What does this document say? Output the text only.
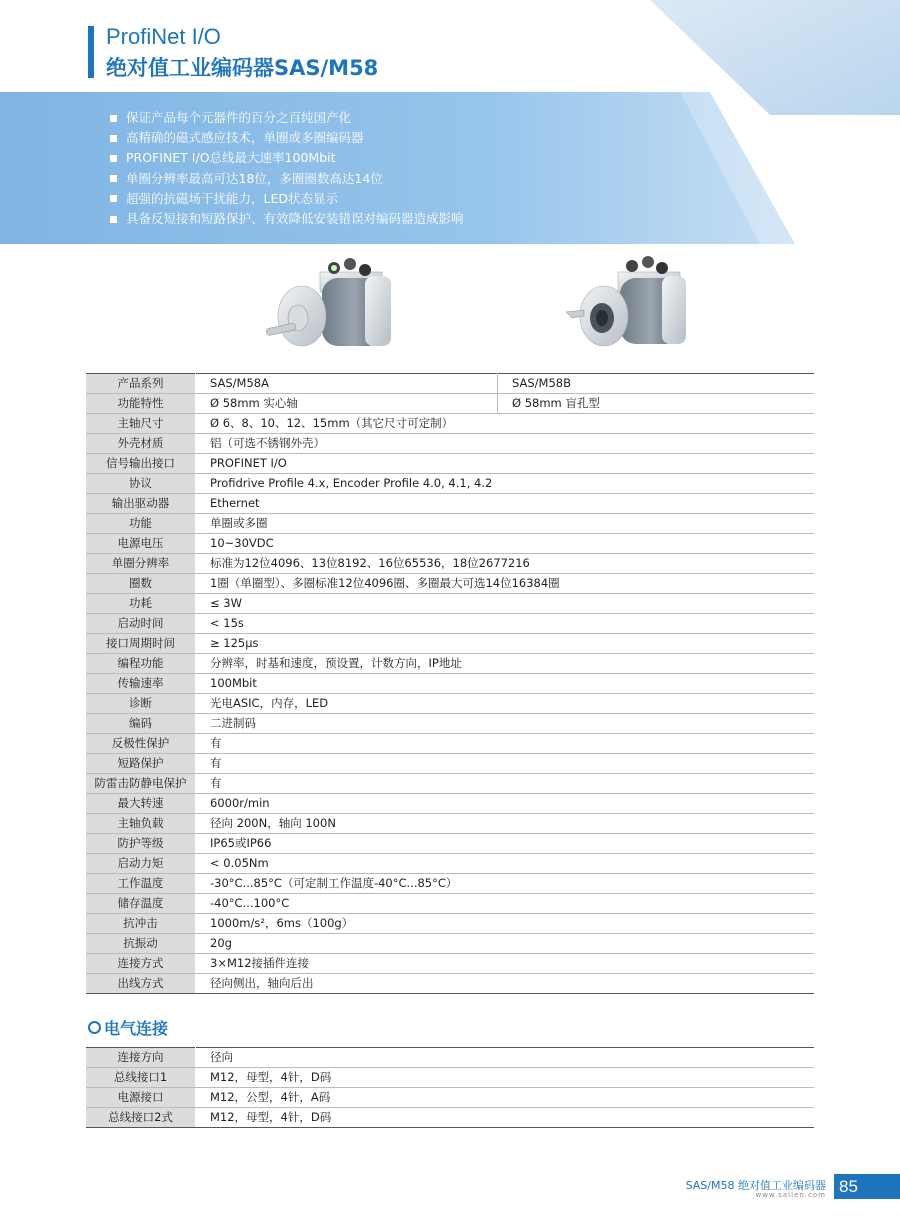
ProfiNet I/O
绝对值工业编码器SAS/M58
保证产品每个元器件的百分之百纯国产化
高精确的磁式感应技术，单圈或多圈编码器
PROFINET I/O总线最大速率100Mbit
单圈分辨率最高可达18位，多圈圈数高达14位
超强的抗磁场干扰能力，LED状态显示
具备反短接和短路保护、有效降低安装错误对编码器造成影响
产品系列	SAS/M58A	SAS/M58B
功能特性	Ø 58mm 实心轴	Ø 58mm 盲孔型
主轴尺寸	Ø 6、8、10、12、15mm（其它尺寸可定制）	
外壳材质	铝（可选不锈钢外壳）	
信号输出接口	PROFINET I/O	
协议	Profidrive Profile 4.x, Encoder Profile 4.0, 4.1, 4.2	
输出驱动器	Ethernet	
功能	单圈或多圈	
电源电压	10~30VDC	
单圈分辨率	标准为12位4096、13位8192、16位65536，18位2677216	
圈数	1圈（单圈型）、多圈标准12位4096圈、多圈最大可选14位16384圈	
功耗	≤ 3W	
启动时间	< 15s	
接口周期时间	≥ 125μs	
编程功能	分辨率，时基和速度，预设置，计数方向，IP地址	
传输速率	100Mbit	
诊断	光电ASIC，内存，LED	
编码	二进制码	
反极性保护	有	
短路保护	有	
防雷击防静电保护	有	
最大转速	6000r/min	
主轴负载	径向 200N，轴向 100N	
防护等级	IP65或IP66	
启动力矩	< 0.05Nm	
工作温度	-30°C...85°C（可定制工作温度-40°C...85°C）	
储存温度	-40°C...100°C	
抗冲击	1000m/s²，6ms（100g）	
抗振动	20g	
连接方式	3×M12接插件连接	
出线方式	径向侧出，轴向后出	
电气连接
连接方向	径向
总线接口1	M12，母型，4针，D码
电源接口	M12，公型，4针，A码
总线接口2式	M12，母型，4针，D码
SAS/M58 绝对值工业编码器
www.saiien.com 85
